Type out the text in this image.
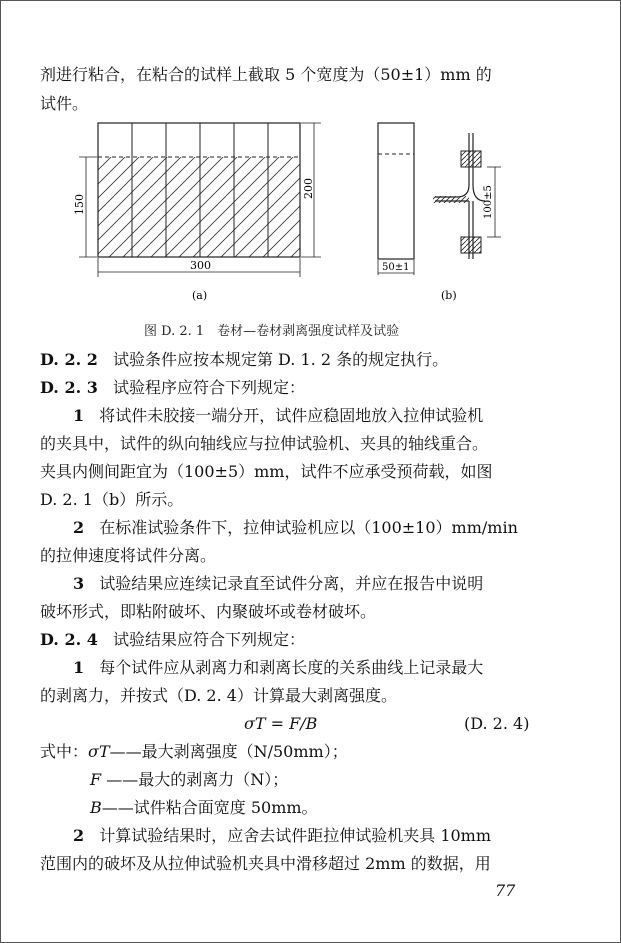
剂进行粘合，在粘合的试样上截取 5 个宽度为（50±1）mm 的
试件。
150
200
300
(a)
50±1
100±5
(b)
图 D. 2. 1　卷材—卷材剥离强度试样及试验
D. 2. 2 试验条件应按本规定第 D. 1. 2 条的规定执行。
D. 2. 3 试验程序应符合下列规定：
1 将试件未胶接一端分开，试件应稳固地放入拉伸试验机
的夹具中，试件的纵向轴线应与拉伸试验机、夹具的轴线重合。
夹具内侧间距宜为（100±5）mm，试件不应承受预荷载，如图
D. 2. 1（b）所示。
2 在标准试验条件下，拉伸试验机应以（100±10）mm/min
的拉伸速度将试件分离。
3 试验结果应连续记录直至试件分离，并应在报告中说明
破坏形式，即粘附破坏、内聚破坏或卷材破坏。
D. 2. 4 试验结果应符合下列规定：
1 每个试件应从剥离力和剥离长度的关系曲线上记录最大
的剥离力，并按式（D. 2. 4）计算最大剥离强度。
σT = F/B	(D. 2. 4)
式中：σT——最大剥离强度（N/50mm）；
F ——最大的剥离力（N）；
B——试件粘合面宽度 50mm。
2 计算试验结果时，应舍去试件距拉伸试验机夹具 10mm
范围内的破坏及从拉伸试验机夹具中滑移超过 2mm 的数据，用
77
